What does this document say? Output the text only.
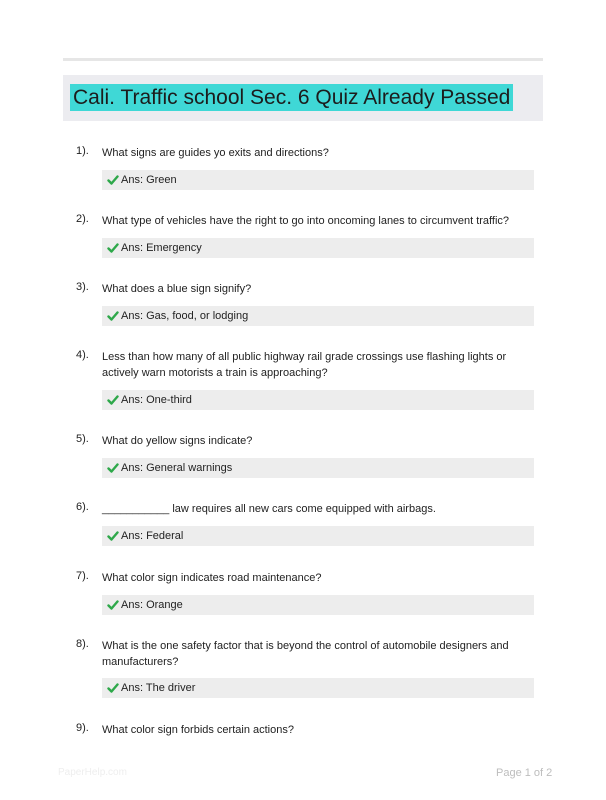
Cali. Traffic school Sec. 6 Quiz Already Passed
1). What signs are guides yo exits and directions?
Ans: Green
2). What type of vehicles have the right to go into oncoming lanes to circumvent traffic?
Ans: Emergency
3). What does a blue sign signify?
Ans: Gas, food, or lodging
4). Less than how many of all public highway rail grade crossings use flashing lights or actively warn motorists a train is approaching?
Ans: One-third
5). What do yellow signs indicate?
Ans: General warnings
6). ___________ law requires all new cars come equipped with airbags.
Ans: Federal
7). What color sign indicates road maintenance?
Ans: Orange
8). What is the one safety factor that is beyond the control of automobile designers and manufacturers?
Ans: The driver
9). What color sign forbids certain actions?
PaperHelp.com	Page 1 of 2
